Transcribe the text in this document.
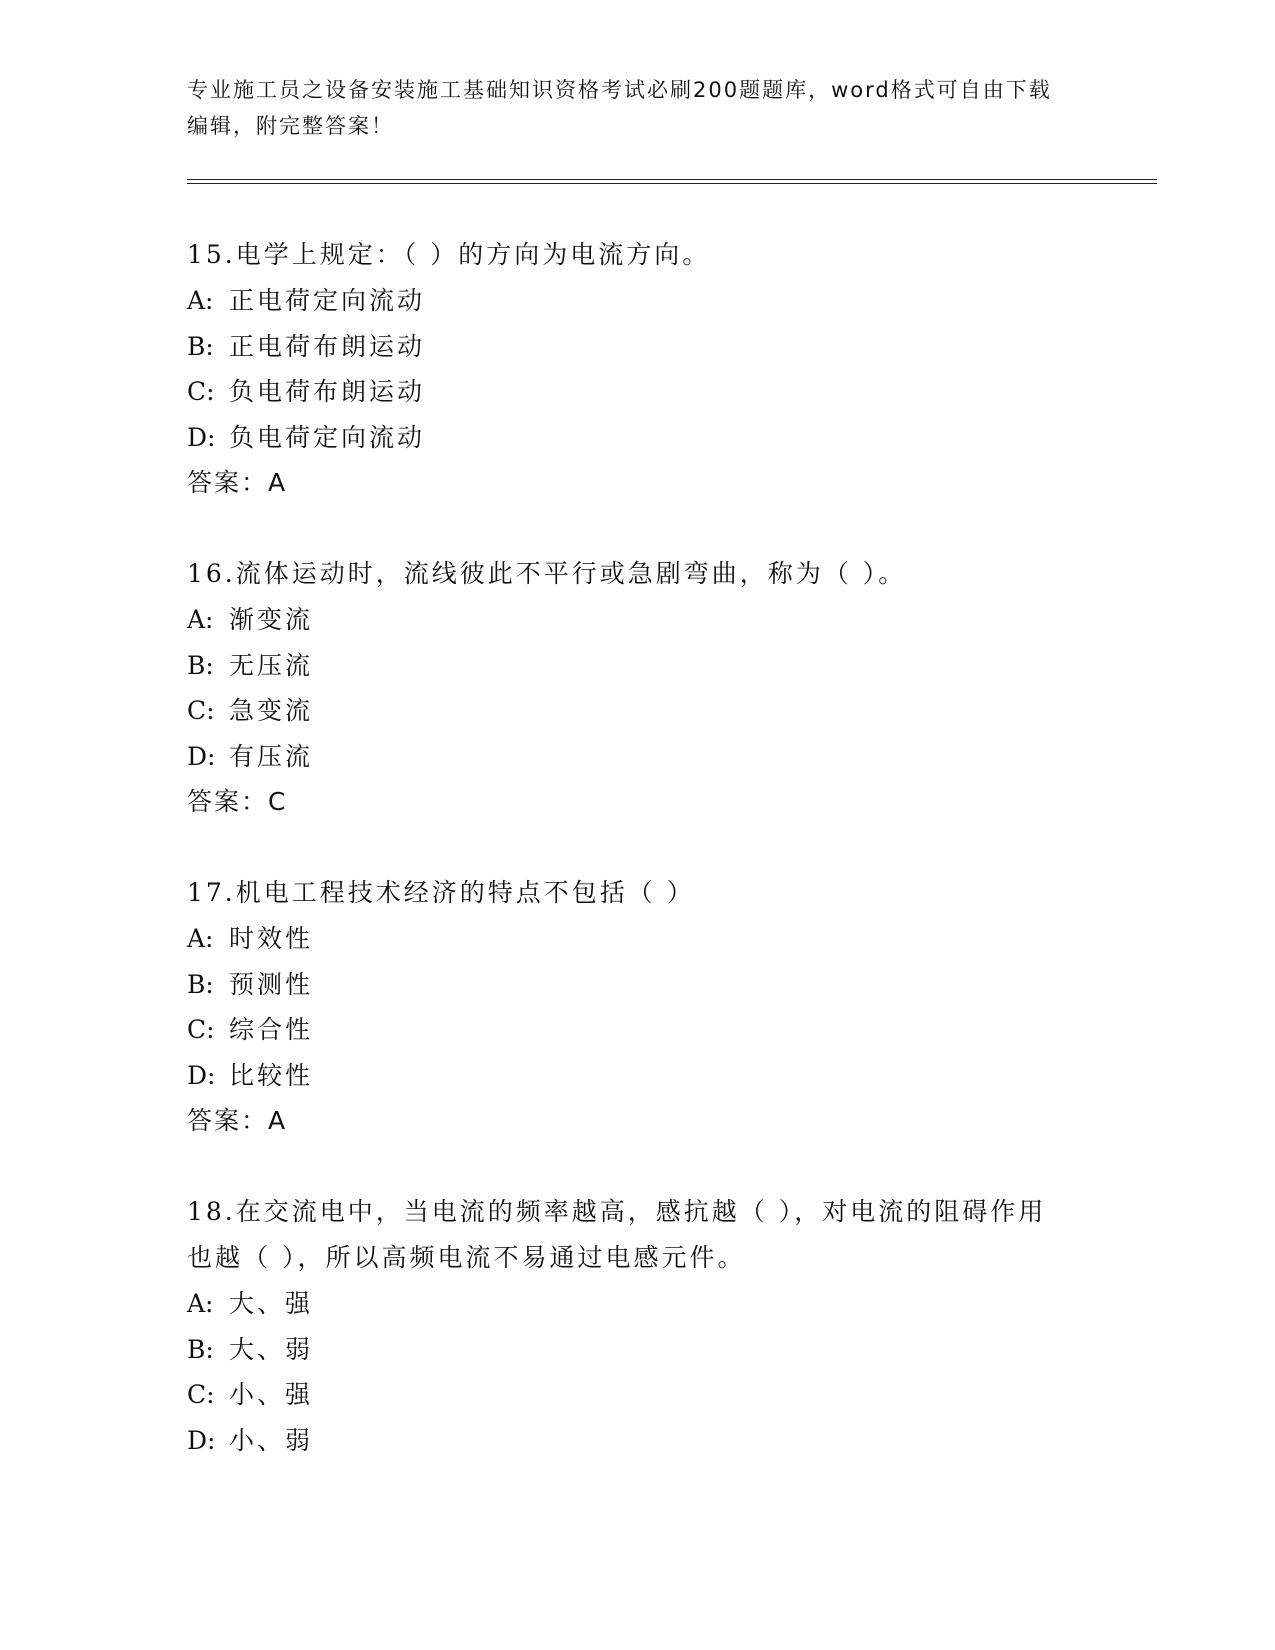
专业施工员之设备安装施工基础知识资格考试必刷200题题库，word格式可自由下载编辑，附完整答案！
15.电学上规定：（ ）的方向为电流方向。
A: 正电荷定向流动
B: 正电荷布朗运动
C: 负电荷布朗运动
D: 负电荷定向流动
答案：A
16.流体运动时，流线彼此不平行或急剧弯曲，称为（ ）。
A: 渐变流
B: 无压流
C: 急变流
D: 有压流
答案：C
17.机电工程技术经济的特点不包括（ ）
A: 时效性
B: 预测性
C: 综合性
D: 比较性
答案：A
18.在交流电中，当电流的频率越高，感抗越（ ），对电流的阻碍作用也越（ ），所以高频电流不易通过电感元件。
A: 大、强
B: 大、弱
C: 小、强
D: 小、弱
